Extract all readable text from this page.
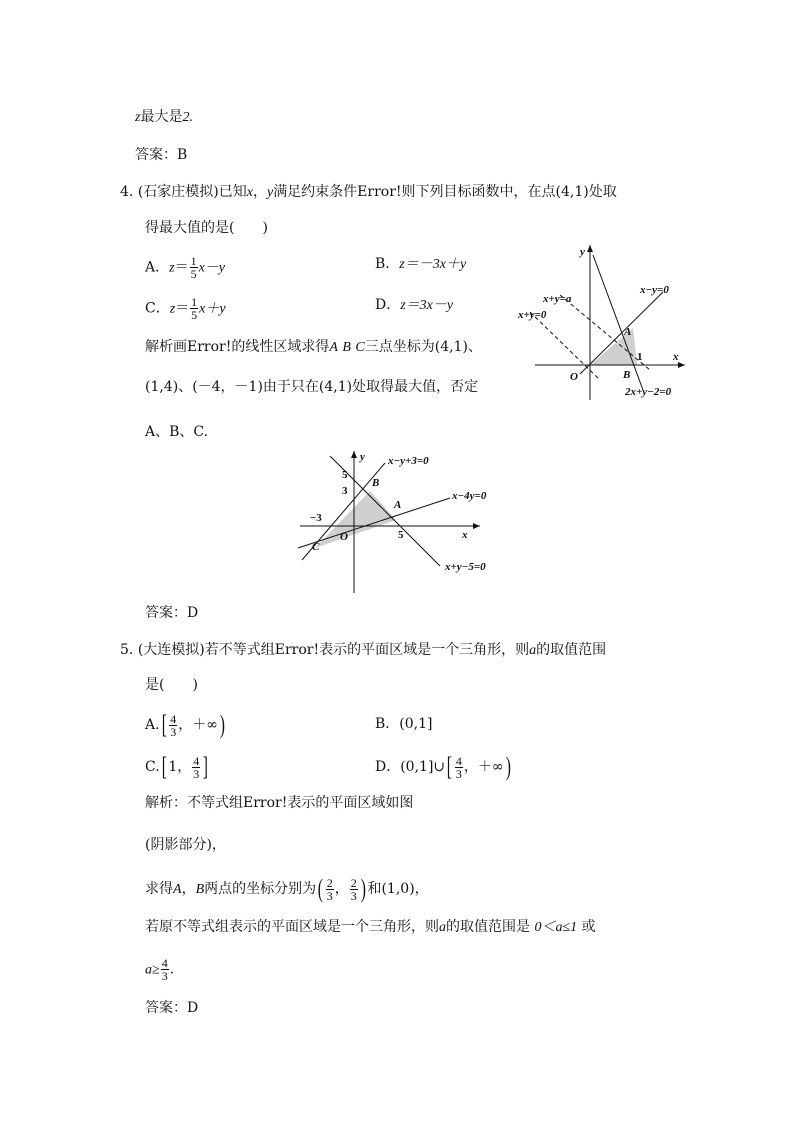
z最大是2.
答案：B
4. (石家庄模拟)已知x，y满足约束条件Error!则下列目标函数中，在点(4,1)处取
得最大值的是(　　)
A．$z= \frac{1}{5} x-y$	B．z＝－3x＋y
C．$z= \frac{1}{5} x+y$	D．z＝3x－y
解析画Error!的线性区域求得A B C三点坐标为(4,1)、
(1,4)、(－4，－1)由于只在(4,1)处取得最大值，否定
A、B、C.
y
x
O
A
B
1
x+y=a
x+y=0
x−y=0
2x+y−2=0
y
x
O
A
B
C
5
3
−3
5
x−y+3=0
x−4y=0
x+y−5=0
答案：D
5. (大连模拟)若不等式组Error!表示的平面区域是一个三角形，则a的取值范围
是(　　)
$A.[ \frac{4}{3}$ ，＋∞)	B．(0,1]
C.[ 1， $\frac{4}{3}$ ]	D．(0,1]∪[ $\frac{4}{3}$ ，＋∞)
解析：不等式组Error!表示的平面区域如图
(阴影部分)，
求得A，B两点的坐标分别为( $\frac{2}{3}$ ， $\frac{2}{3}$ ) 和(1,0)，
若原不等式组表示的平面区域是一个三角形，则a的取值范围是 0＜a≤1 或
$a\ge \frac{4}{3}$ .
答案：D
